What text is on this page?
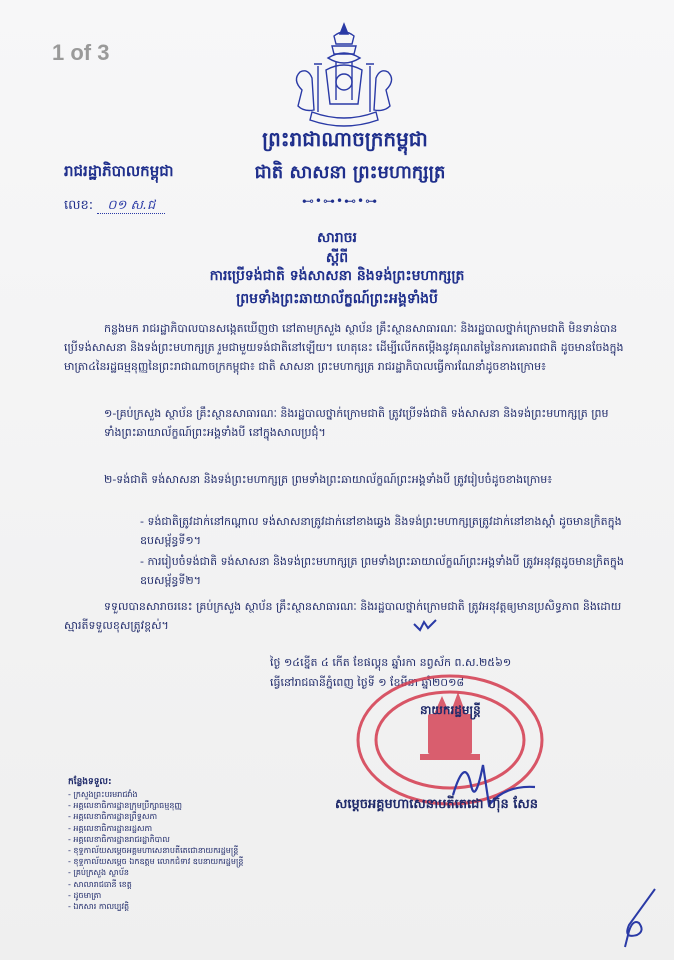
1 of 3
ព្រះរាជាណាចក្រកម្ពុជា
ជាតិ សាសនា ព្រះមហាក្សត្រ
⊷•⊶•⊷•⊶
រាជរដ្ឋាភិបាលកម្ពុជា
លេខ: ០១ ស.ជ
សារាចរ
ស្ដីពី
ការប្រើទង់ជាតិ ទង់សាសនា និងទង់ព្រះមហាក្សត្រ
ព្រមទាំងព្រះឆាយាល័ក្ខណ៍ព្រះអង្គទាំងបី
កន្លងមក រាជរដ្ឋាភិបាលបានសង្កេតឃើញថា នៅតាមក្រសួង ស្ថាប័ន គ្រឹះស្ថានសាធារណៈ និងរដ្ឋបាលថ្នាក់ក្រោមជាតិ មិនទាន់បានប្រើទង់សាសនា និងទង់ព្រះមហាក្សត្រ រួមជាមួយទង់ជាតិនៅឡើយ។ ហេតុនេះ ដើម្បីលើកតម្កើងនូវគុណតម្លៃនៃការគោរពជាតិ ដូចមានចែងក្នុងមាត្រា៤នៃរដ្ឋធម្មនុញ្ញនៃព្រះរាជាណាចក្រកម្ពុជា៖ ជាតិ សាសនា ព្រះមហាក្សត្រ រាជរដ្ឋាភិបាលធ្វើការណែនាំដូចខាងក្រោម៖
១-គ្រប់ក្រសួង ស្ថាប័ន គ្រឹះស្ថានសាធារណៈ និងរដ្ឋបាលថ្នាក់ក្រោមជាតិ ត្រូវប្រើទង់ជាតិ ទង់សាសនា និងទង់ព្រះមហាក្សត្រ ព្រមទាំងព្រះឆាយាល័ក្ខណ៍ព្រះអង្គទាំងបី នៅក្នុងសាលប្រជុំ។
២-ទង់ជាតិ ទង់សាសនា និងទង់ព្រះមហាក្សត្រ ព្រមទាំងព្រះឆាយាល័ក្ខណ៍ព្រះអង្គទាំងបី ត្រូវរៀបចំដូចខាងក្រោម៖
- ទង់ជាតិត្រូវដាក់នៅកណ្ដាល ទង់សាសនាត្រូវដាក់នៅខាងឆ្វេង និងទង់ព្រះមហាក្សត្រត្រូវដាក់នៅខាងស្ដាំ ដូចមានក្រិតក្នុងឧបសម្ព័ន្ធទី១។
- ការរៀបចំទង់ជាតិ ទង់សាសនា និងទង់ព្រះមហាក្សត្រ ព្រមទាំងព្រះឆាយាល័ក្ខណ៍ព្រះអង្គទាំងបី ត្រូវអនុវត្តដូចមានក្រិតក្នុងឧបសម្ព័ន្ធទី២។
ទទួលបានសារាចរនេះ គ្រប់ក្រសួង ស្ថាប័ន គ្រឹះស្ថានសាធារណៈ និងរដ្ឋបាលថ្នាក់ក្រោមជាតិ ត្រូវអនុវត្តឲ្យមានប្រសិទ្ធភាព និងដោយស្មារតីទទួលខុសត្រូវខ្ពស់។
ថ្ងៃ ១៤ខ្នើត ៤ កើត ខែផល្គុន ឆ្នាំរកា នព្វស័ក ព.ស.២៥៦១
ធ្វើនៅរាជធានីភ្នំពេញ ថ្ងៃទី ១ ខែមីនា ឆ្នាំ២០១៨
នាយករដ្ឋមន្ត្រី
សម្ដេចអគ្គមហាសេនាបតីតេជោ ហ៊ុន សែន
កន្លែងទទួល:
- ក្រសួងព្រះបរមរាជវាំង
- អគ្គលេខាធិការដ្ឋានក្រុមប្រឹក្សាធម្មនុញ្ញ
- អគ្គលេខាធិការដ្ឋានព្រឹទ្ធសភា
- អគ្គលេខាធិការដ្ឋានរដ្ឋសភា
- អគ្គលេខាធិការដ្ឋានរាជរដ្ឋាភិបាល
- ខុទ្ទកាល័យសម្ដេចអគ្គមហាសេនាបតីតេជោនាយករដ្ឋមន្ត្រី
- ខុទ្ទកាល័យសម្ដេច ឯកឧត្ដម លោកជំទាវ ឧបនាយករដ្ឋមន្ត្រី
- គ្រប់ក្រសួង ស្ថាប័ន
- សាលារាជធានី ខេត្ត
- ដូចមាត្រា
- ឯកសារ កាលប្បវត្តិ
